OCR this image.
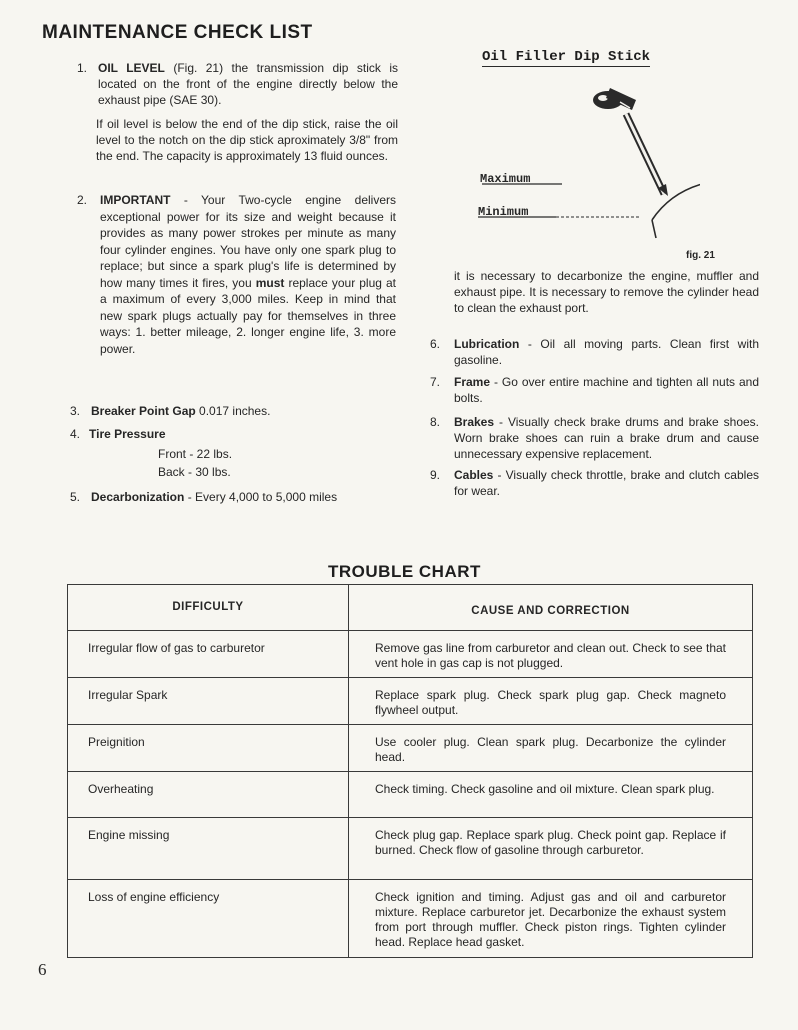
MAINTENANCE CHECK LIST
1. OIL LEVEL (Fig. 21) the transmission dip stick is located on the front of the engine directly below the exhaust pipe (SAE 30).
If oil level is below the end of the dip stick, raise the oil level to the notch on the dip stick aproximately 3/8" from the end. The capacity is approximately 13 fluid ounces.
2.	IMPORTANT - Your Two-cycle engine delivers exceptional power for its size and weight because it provides as many power strokes per minute as many four cylinder engines. You have only one spark plug to replace; but since a spark plug's life is determined by how many times it fires, you must replace your plug at a maximum of every 3,000 miles. Keep in mind that new spark plugs actually pay for themselves in three ways: 1. better mileage, 2. longer engine life, 3. more power.
3. Breaker Point Gap 0.017 inches.
4. Tire Pressure
Front - 22 lbs.
Back - 30 lbs.
5. Decarbonization - Every 4,000 to 5,000 miles
Oil Filler Dip Stick
Maximum
Minimum
fig. 21
it is necessary to decarbonize the engine, muffler and exhaust pipe. It is necessary to remove the cylinder head to clean the exhaust port.
6.	Lubrication - Oil all moving parts. Clean first with gasoline.
7.	Frame - Go over entire machine and tighten all nuts and bolts.
8.	Brakes - Visually check brake drums and brake shoes. Worn brake shoes can ruin a brake drum and cause unnecessary expensive replacement.
9.	Cables - Visually check throttle, brake and clutch cables for wear.
TROUBLE CHART
DIFFICULTY	CAUSE AND CORRECTION
Irregular flow of gas to carburetor	Remove gas line from carburetor and clean out. Check to see that vent hole in gas cap is not plugged.
Irregular Spark	Replace spark plug. Check spark plug gap. Check magneto flywheel output.
Preignition	Use cooler plug. Clean spark plug. Decarbonize the cylinder head.
Overheating	Check timing. Check gasoline and oil mixture. Clean spark plug.
Engine missing	Check plug gap. Replace spark plug. Check point gap. Replace if burned. Check flow of gasoline through carburetor.
Loss of engine efficiency	Check ignition and timing. Adjust gas and oil and carburetor mixture. Replace carburetor jet. Decarbonize the exhaust system from port through muffler. Check piston rings. Tighten cylinder head. Replace head gasket.
6
